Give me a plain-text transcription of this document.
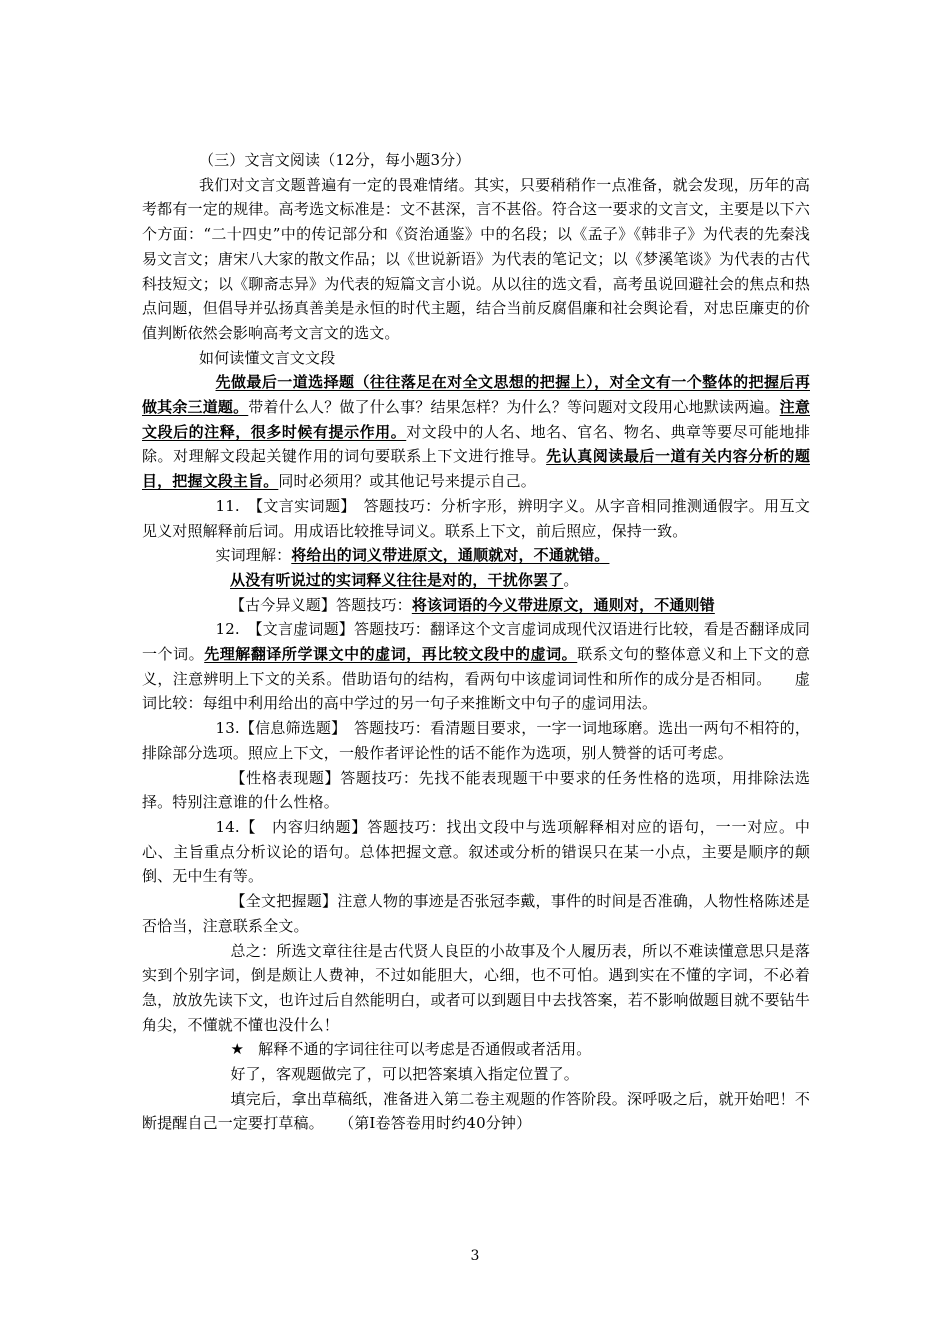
（三）文言文阅读（12分，每小题3分）

我们对文言文题普遍有一定的畏难情绪。其实，只要稍稍作一点准备，就会发现，历年的高考都有一定的规律。高考选文标准是：文不甚深，言不甚俗。符合这一要求的文言文，主要是以下六个方面：“二十四史”中的传记部分和《资治通鉴》中的名段；以《孟子》《韩非子》为代表的先秦浅易文言文；唐宋八大家的散文作品；以《世说新语》为代表的笔记文；以《梦溪笔谈》为代表的古代科技短文；以《聊斋志异》为代表的短篇文言小说。从以往的选文看，高考虽说回避社会的焦点和热点问题，但倡导并弘扬真善美是永恒的时代主题，结合当前反腐倡廉和社会舆论看，对忠臣廉吏的价值判断依然会影响高考文言文的选文。

如何读懂文言文文段

先做最后一道选择题（往往落足在对全文思想的把握上），对全文有一个整体的把握后再做其余三道题。带着什么人？做了什么事？结果怎样？为什么？等问题对文段用心地默读两遍。注意文段后的注释，很多时候有提示作用。对文段中的人名、地名、官名、物名、典章等要尽可能地排除。对理解文段起关键作用的词句要联系上下文进行推导。先认真阅读最后一道有关内容分析的题目，把握文段主旨。同时必须用？或其他记号来提示自己。

11.　【文言实词题】　答题技巧：分析字形，辨明字义。从字音相同推测通假字。用互文见义对照解释前后词。用成语比较推导词义。联系上下文，前后照应，保持一致。

实词理解：将给出的词义带进原文，通顺就对，不通就错。

从没有听说过的实词释义往往是对的，干扰你罢了。

【古今异义题】答题技巧：将该词语的今义带进原文，通则对，不通则错

12.　【文言虚词题】答题技巧：翻译这个文言虚词成现代汉语进行比较，看是否翻译成同一个词。先理解翻译所学课文中的虚词，再比较文段中的虚词。联系文句的整体意义和上下文的意义，注意辨明上下文的关系。借助语句的结构，看两句中该虚词词性和所作的成分是否相同。　　虚词比较：每组中利用给出的高中学过的另一句子来推断文中句子的虚词用法。

13.【信息筛选题】　答题技巧：看清题目要求，一字一词地琢磨。选出一两句不相符的，排除部分选项。照应上下文，一般作者评论性的话不能作为选项，别人赞誉的话可考虑。

【性格表现题】答题技巧：先找不能表现题干中要求的任务性格的选项，用排除法选择。特别注意谁的什么性格。

14.【　内容归纳题】答题技巧：找出文段中与选项解释相对应的语句，一一对应。中心、主旨重点分析议论的语句。总体把握文意。叙述或分析的错误只在某一小点，主要是顺序的颠倒、无中生有等。

【全文把握题】注意人物的事迹是否张冠李戴，事件的时间是否准确，人物性格陈述是否恰当，注意联系全文。

总之：所选文章往往是古代贤人良臣的小故事及个人履历表，所以不难读懂意思只是落实到个别字词，倒是颇让人费神，不过如能胆大，心细，也不可怕。遇到实在不懂的字词，不必着急，放放先读下文，也许过后自然能明白，或者可以到题目中去找答案，若不影响做题目就不要钻牛角尖，不懂就不懂也没什么！

★ 解释不通的字词往往可以考虑是否通假或者活用。

好了，客观题做完了，可以把答案填入指定位置了。

填完后，拿出草稿纸，准备进入第二卷主观题的作答阶段。深呼吸之后，就开始吧！不断提醒自己一定要打草稿。　　（第Ⅰ卷答卷用时约40分钟）

3
